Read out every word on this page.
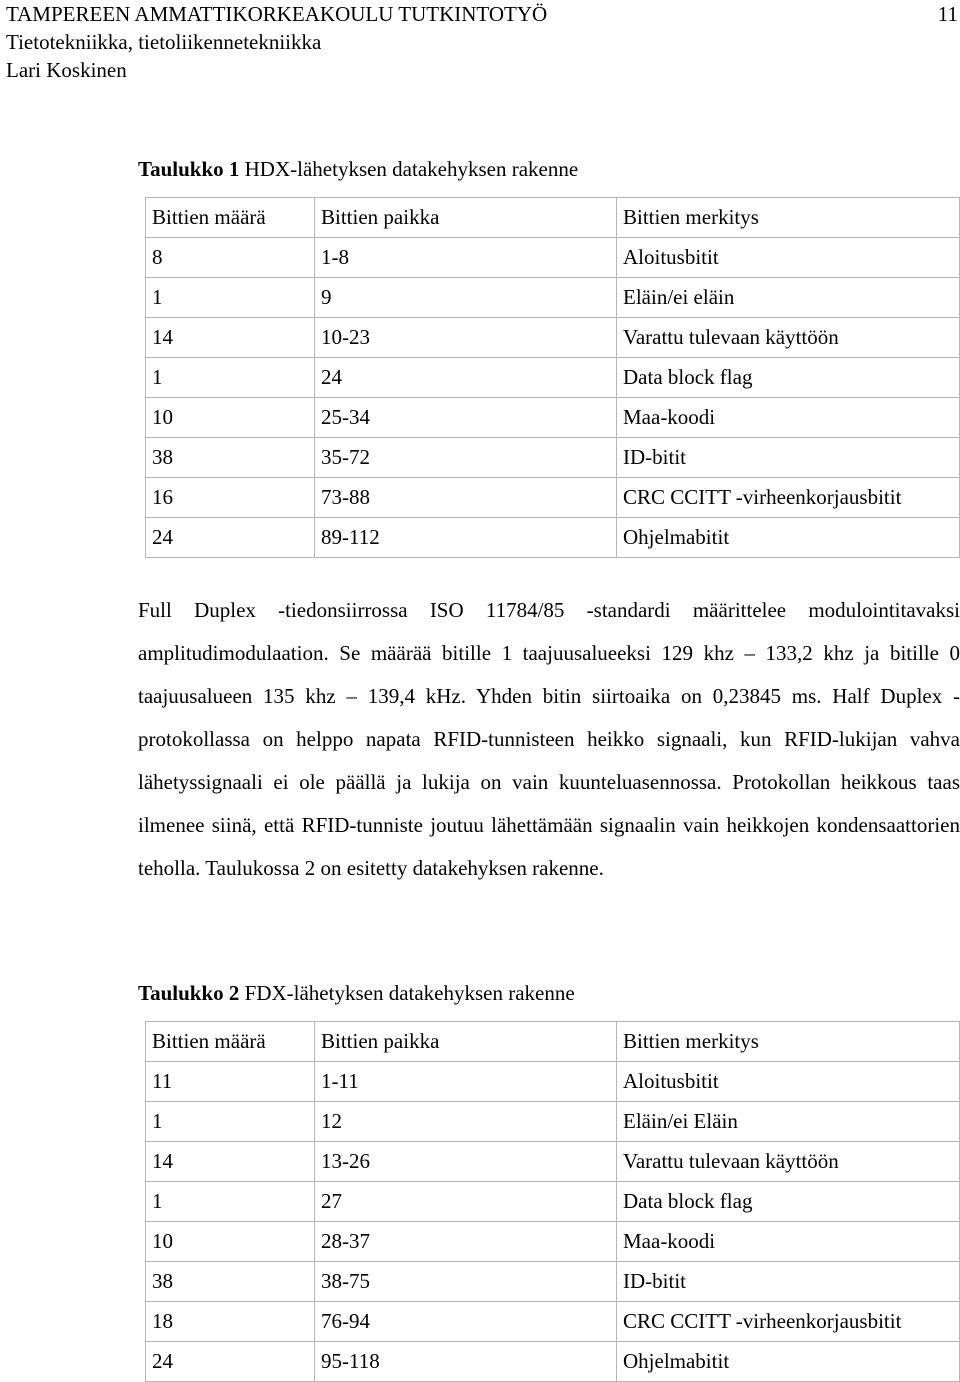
TAMPEREEN AMMATTIKORKEAKOULU TUTKINTOTYÖ
Tietotekniikka, tietoliikennetekniikka
Lari Koskinen
11
Taulukko 1 HDX-lähetyksen datakehyksen rakenne
Bittien määrä	Bittien paikka	Bittien merkitys
8	1-8	Aloitusbitit
1	9	Eläin/ei eläin
14	10-23	Varattu tulevaan käyttöön
1	24	Data block flag
10	25-34	Maa-koodi
38	35-72	ID-bitit
16	73-88	CRC CCITT -virheenkorjausbitit
24	89-112	Ohjelmabitit
Full Duplex -tiedonsiirrossa ISO 11784/85 -standardi määrittelee modulointitavaksi amplitudimodulaation. Se määrää bitille 1 taajuusalueeksi 129 khz – 133,2 khz ja bitille 0 taajuusalueen 135 khz – 139,4 kHz. Yhden bitin siirtoaika on 0,23845 ms. Half Duplex -protokollassa on helppo napata RFID-tunnisteen heikko signaali, kun RFID-lukijan vahva lähetyssignaali ei ole päällä ja lukija on vain kuunteluasennossa. Protokollan heikkous taas ilmenee siinä, että RFID-tunniste joutuu lähettämään signaalin vain heikkojen kondensaattorien teholla. Taulukossa 2 on esitetty datakehyksen rakenne.
Taulukko 2 FDX-lähetyksen datakehyksen rakenne
Bittien määrä	Bittien paikka	Bittien merkitys
11	1-11	Aloitusbitit
1	12	Eläin/ei Eläin
14	13-26	Varattu tulevaan käyttöön
1	27	Data block flag
10	28-37	Maa-koodi
38	38-75	ID-bitit
18	76-94	CRC CCITT -virheenkorjausbitit
24	95-118	Ohjelmabitit
